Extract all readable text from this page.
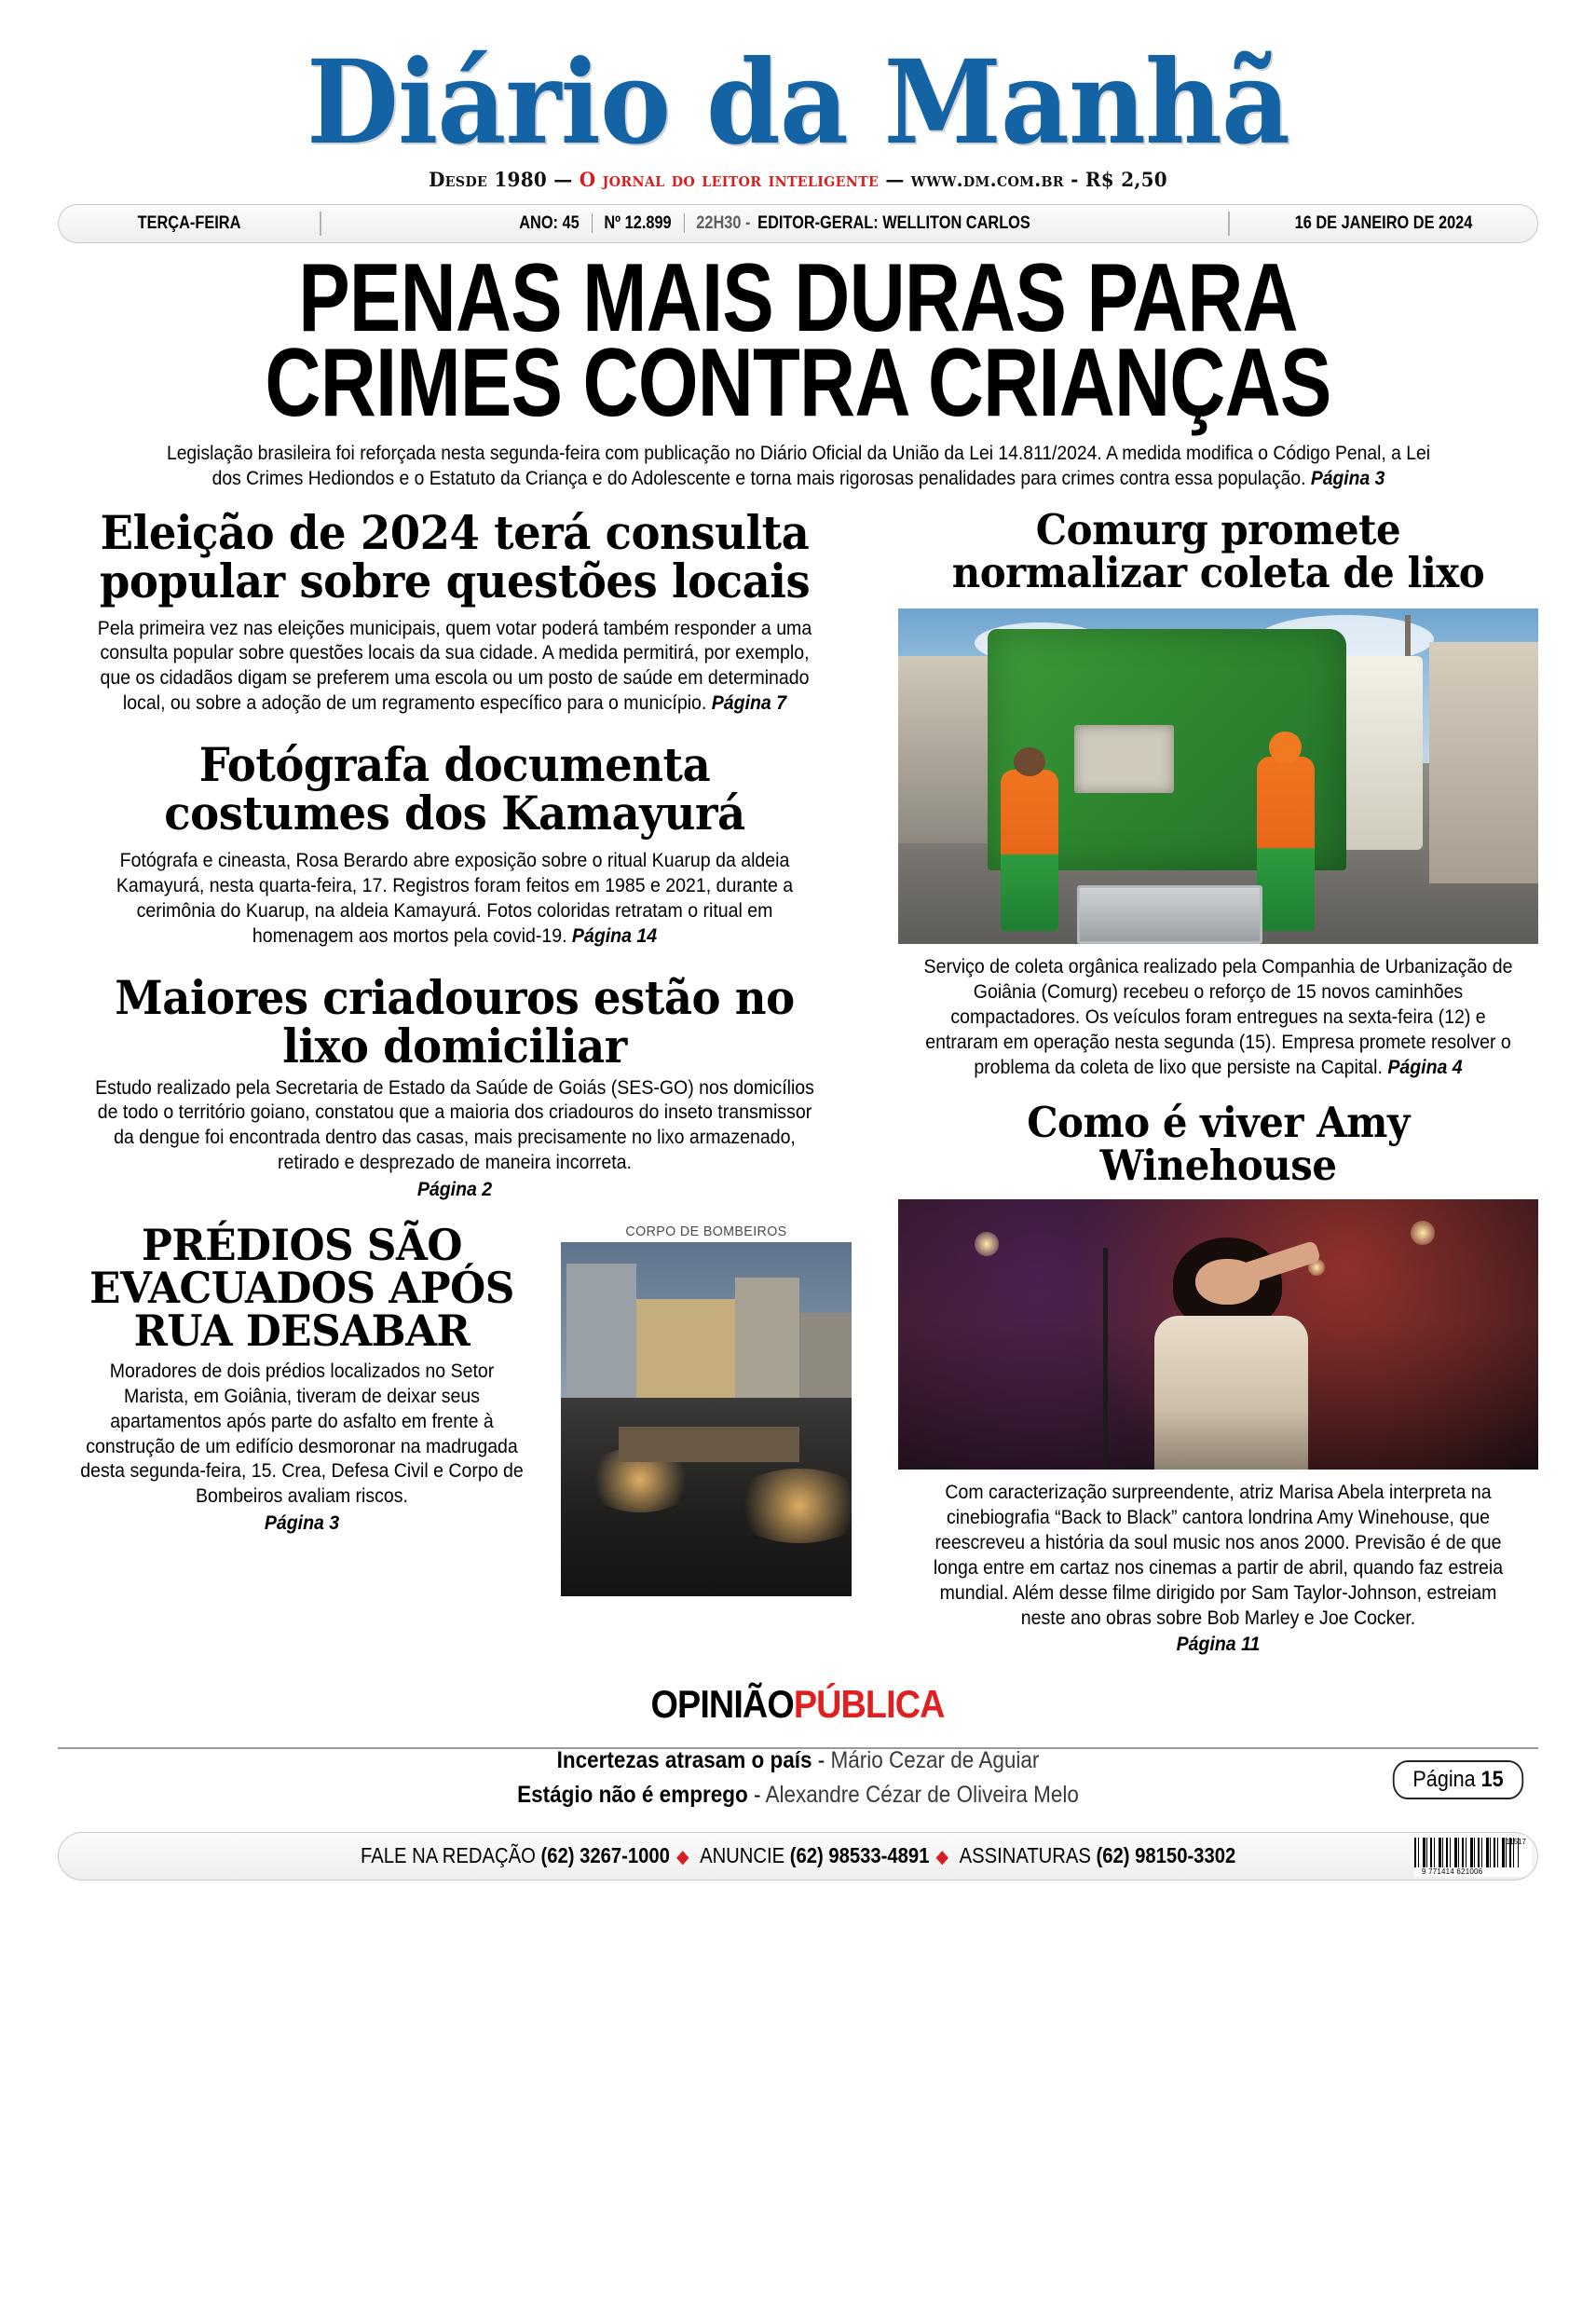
Diário da Manhã
Desde 1980 — O jornal do leitor inteligente — www.dm.com.br - R$ 2,50
TERÇA-FEIRA	ANO: 45 Nº 12.899 22H30 - EDITOR-GERAL: WELLITON CARLOS	16 DE JANEIRO DE 2024
PENAS MAIS DURAS PARA
CRIMES CONTRA CRIANÇAS

Legislação brasileira foi reforçada nesta segunda-feira com publicação no Diário Oficial da União da Lei 14.811/2024. A medida modifica o Código Penal, a Lei dos Crimes Hediondos e o Estatuto da Criança e do Adolescente e torna mais rigorosas penalidades para crimes contra essa população. Página 3

Eleição de 2024 terá consulta popular sobre questões locais

Pela primeira vez nas eleições municipais, quem votar poderá também responder a uma consulta popular sobre questões locais da sua cidade. A medida permitirá, por exemplo, que os cidadãos digam se preferem uma escola ou um posto de saúde em determinado local, ou sobre a adoção de um regramento específico para o município. Página 7

Fotógrafa documenta costumes dos Kamayurá

Fotógrafa e cineasta, Rosa Berardo abre exposição sobre o ritual Kuarup da aldeia Kamayurá, nesta quarta-feira, 17. Registros foram feitos em 1985 e 2021, durante a cerimônia do Kuarup, na aldeia Kamayurá. Fotos coloridas retratam o ritual em homenagem aos mortos pela covid-19. Página 14

Maiores criadouros estão no lixo domiciliar

Estudo realizado pela Secretaria de Estado da Saúde de Goiás (SES-GO) nos domicílios de todo o território goiano, constatou que a maioria dos criadouros do inseto transmissor da dengue foi encontrada dentro das casas, mais precisamente no lixo armazenado, retirado e desprezado de maneira incorreta.

Página 2

PRÉDIOS SÃO
EVACUADOS APÓS
RUA DESABAR

Moradores de dois prédios localizados no Setor Marista, em Goiânia, tiveram de deixar seus apartamentos após parte do asfalto em frente à construção de um edifício desmoronar na madrugada desta segunda-feira, 15. Crea, Defesa Civil e Corpo de Bombeiros avaliam riscos.

Página 3

CORPO DE BOMBEIROS

Comurg promete normalizar coleta de lixo

Serviço de coleta orgânica realizado pela Companhia de Urbanização de Goiânia (Comurg) recebeu o reforço de 15 novos caminhões compactadores. Os veículos foram entregues na sexta-feira (12) e entraram em operação nesta segunda (15). Empresa promete resolver o problema da coleta de lixo que persiste na Capital. Página 4

Como é viver Amy Winehouse

Com caracterização surpreendente, atriz Marisa Abela interpreta na cinebiografia “Back to Black” cantora londrina Amy Winehouse, que reescreveu a história da soul music nos anos 2000. Previsão é de que longa entre em cartaz nos cinemas a partir de abril, quando faz estreia mundial. Além desse filme dirigido por Sam Taylor-Johnson, estreiam neste ano obras sobre Bob Marley e Joe Cocker.

Página 11

OPINIÃOPÚBLICA
Incertezas atrasam o país - Mário Cezar de Aguiar
Estágio não é emprego - Alexandre Cézar de Oliveira Melo
Página 15
FALE NA REDAÇÃO (62) 3267-1000 ◆ ANUNCIE (62) 98533-4891 ◆ ASSINATURAS (62) 98150-3302
9 771414 621006
11517
